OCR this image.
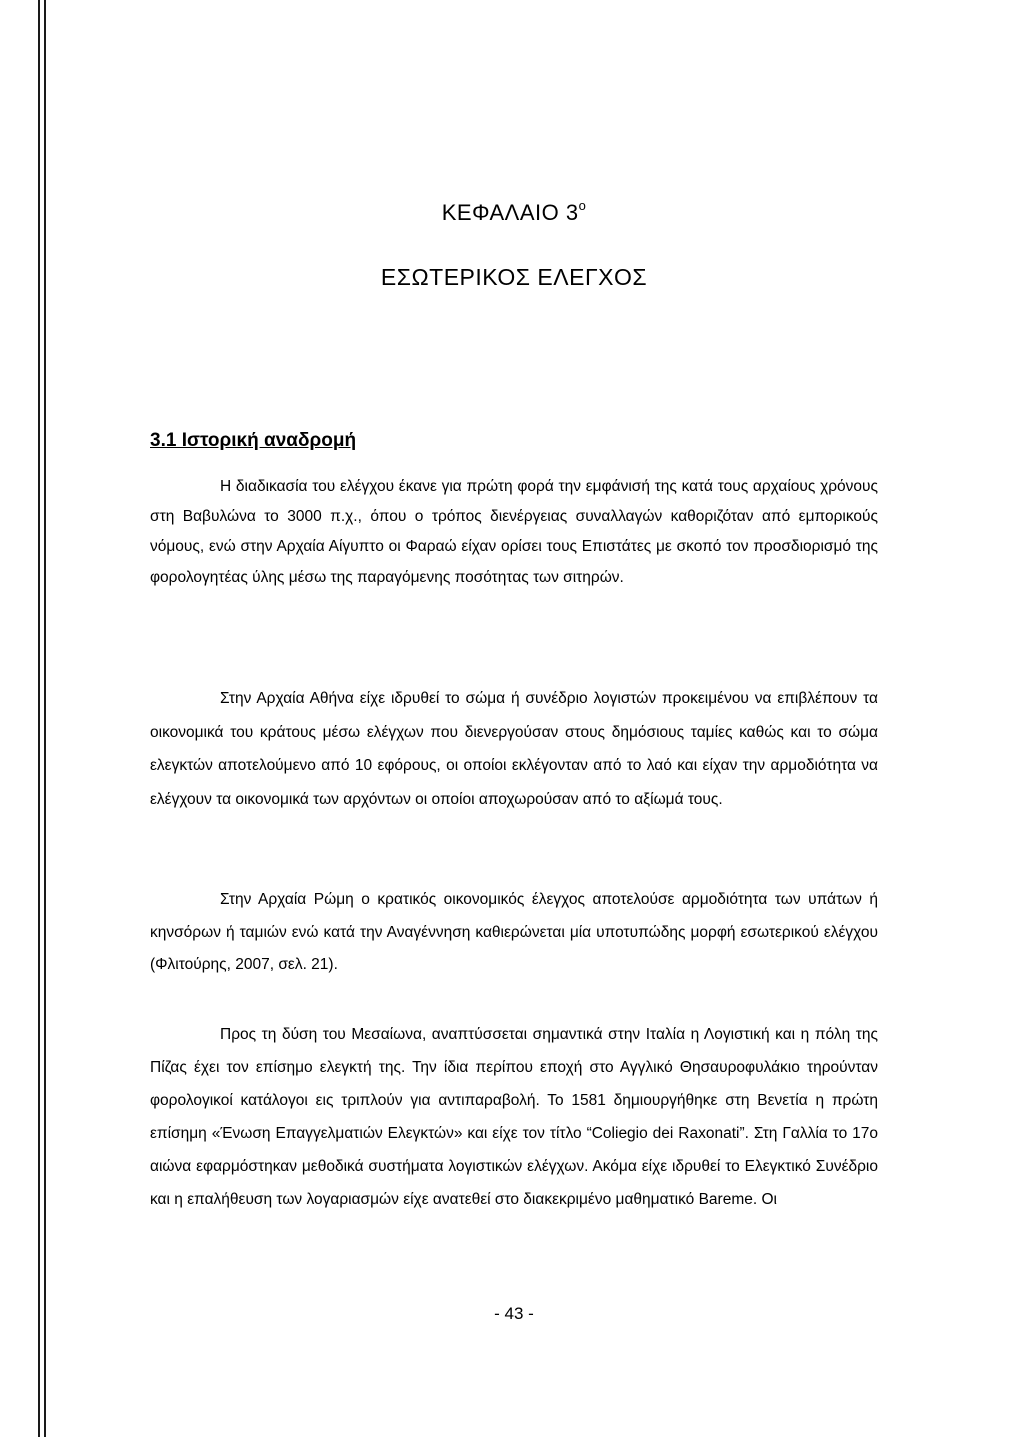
ΚΕΦΑΛΑΙΟ $3^o$
ΕΣΩΤΕΡΙΚΟΣ ΕΛΕΓΧΟΣ
3.1 Ιστορική αναδρομή

Η διαδικασία του ελέγχου έκανε για πρώτη φορά την εμφάνισή της κατά τους αρχαίους χρόνους στη Βαβυλώνα το 3000 π.χ., όπου ο τρόπος διενέργειας συναλλαγών καθοριζόταν από εμπορικούς νόμους, ενώ στην Αρχαία Αίγυπτο οι Φαραώ είχαν ορίσει τους Επιστάτες με σκοπό τον προσδιορισμό της φορολογητέας ύλης μέσω της παραγόμενης ποσότητας των σιτηρών.

Στην Αρχαία Αθήνα είχε ιδρυθεί το σώμα ή συνέδριο λογιστών προκειμένου να επιβλέπουν τα οικονομικά του κράτους μέσω ελέγχων που διενεργούσαν στους δημόσιους ταμίες καθώς και το σώμα ελεγκτών αποτελούμενο από 10 εφόρους, οι οποίοι εκλέγονταν από το λαό και είχαν την αρμοδιότητα να ελέγχουν τα οικονομικά των αρχόντων οι οποίοι αποχωρούσαν από το αξίωμά τους.

Στην Αρχαία Ρώμη ο κρατικός οικονομικός έλεγχος αποτελούσε αρμοδιότητα των υπάτων ή κηνσόρων ή ταμιών ενώ κατά την Αναγέννηση καθιερώνεται μία υποτυπώδης μορφή εσωτερικού ελέγχου (Φλιτούρης, 2007, σελ. 21).

Προς τη δύση του Μεσαίωνα, αναπτύσσεται σημαντικά στην Ιταλία η Λογιστική και η πόλη της Πίζας έχει τον επίσημο ελεγκτή της. Την ίδια περίπου εποχή στο Αγγλικό Θησαυροφυλάκιο τηρούνταν φορολογικοί κατάλογοι εις τριπλούν για αντιπαραβολή. Το 1581 δημιουργήθηκε στη Βενετία η πρώτη επίσημη «Ένωση Επαγγελματιών Ελεγκτών» και είχε τον τίτλο “Coliegio dei Raxonati”. Στη Γαλλία το 17ο αιώνα εφαρμόστηκαν μεθοδικά συστήματα λογιστικών ελέγχων. Ακόμα είχε ιδρυθεί το Ελεγκτικό Συνέδριο και η επαλήθευση των λογαριασμών είχε ανατεθεί στο διακεκριμένο μαθηματικό Bareme. Οι

- 43 -
